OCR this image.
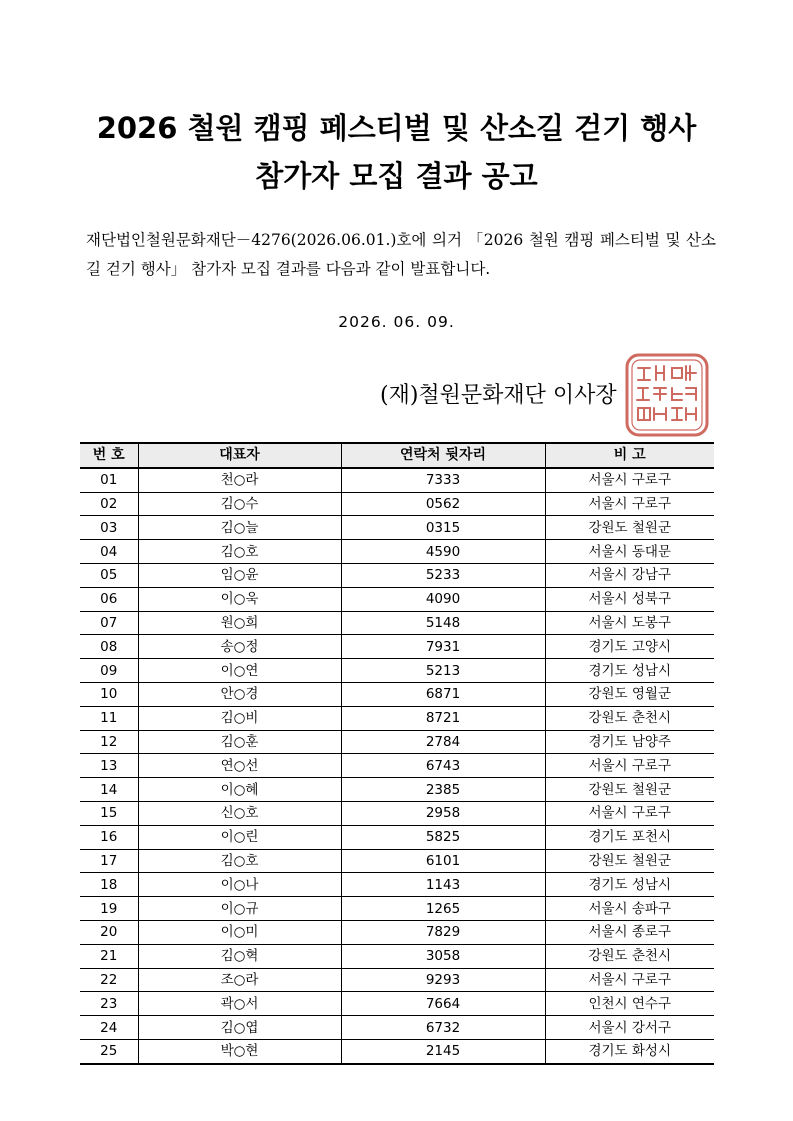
2026 철원 캠핑 페스티벌 및 산소길 걷기 행사
참가자 모집 결과 공고

재단법인철원문화재단－4276(2026.06.01.)호에 의거 「2026 철원 캠핑 페스티벌 및 산소길 걷기 행사」 참가자 모집 결과를 다음과 같이 발표합니다.

2026. 06. 09.
(재)철원문화재단 이사장
번 호	대표자	연락처 뒷자리	비 고
01	천○라	7333	서울시 구로구
02	김○수	0562	서울시 구로구
03	김○늘	0315	강원도 철원군
04	김○호	4590	서울시 동대문
05	임○윤	5233	서울시 강남구
06	이○욱	4090	서울시 성북구
07	원○희	5148	서울시 도봉구
08	송○정	7931	경기도 고양시
09	이○연	5213	경기도 성남시
10	안○경	6871	강원도 영월군
11	김○비	8721	강원도 춘천시
12	김○훈	2784	경기도 남양주
13	연○선	6743	서울시 구로구
14	이○혜	2385	강원도 철원군
15	신○호	2958	서울시 구로구
16	이○린	5825	경기도 포천시
17	김○호	6101	강원도 철원군
18	이○나	1143	경기도 성남시
19	이○규	1265	서울시 송파구
20	이○미	7829	서울시 종로구
21	김○혁	3058	강원도 춘천시
22	조○라	9293	서울시 구로구
23	곽○서	7664	인천시 연수구
24	김○엽	6732	서울시 강서구
25	박○현	2145	경기도 화성시
